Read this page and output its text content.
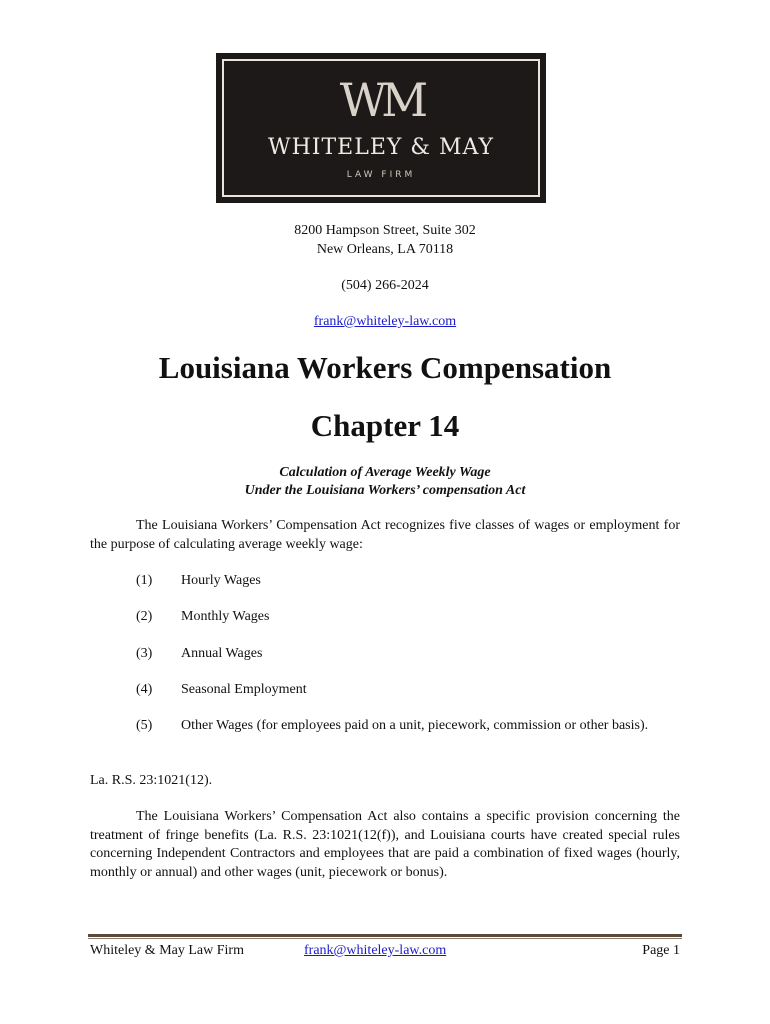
WM
WHITELEY & MAY
LAW FIRM
8200 Hampson Street, Suite 302
New Orleans, LA 70118
(504) 266-2024
frank@whiteley-law.com
Louisiana Workers Compensation
Chapter 14
Calculation of Average Weekly Wage
Under the Louisiana Workers’ compensation Act
The Louisiana Workers’ Compensation Act recognizes five classes of wages or employment for the purpose of calculating average weekly wage:
(1) Hourly Wages
(2) Monthly Wages
(3) Annual Wages
(4) Seasonal Employment
(5) Other Wages (for employees paid on a unit, piecework, commission or other basis).
La. R.S. 23:1021(12).
The Louisiana Workers’ Compensation Act also contains a specific provision concerning the treatment of fringe benefits (La. R.S. 23:1021(12(f)), and Louisiana courts have created special rules concerning Independent Contractors and employees that are paid a combination of fixed wages (hourly, monthly or annual) and other wages (unit, piecework or bonus).
Whiteley & May Law Firm	frank@whiteley-law.com	Page 1
